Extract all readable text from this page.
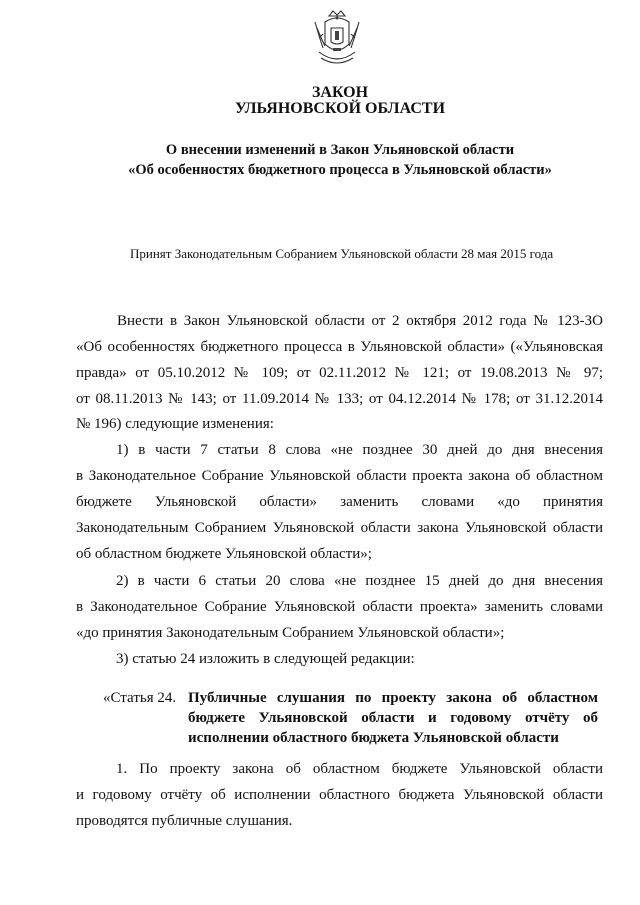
ЗАКОН
УЛЬЯНОВСКОЙ ОБЛАСТИ
О внесении изменений в Закон Ульяновской области
«Об особенностях бюджетного процесса в Ульяновской области»
Принят Законодательным Собранием Ульяновской области 28 мая 2015 года
Внести в Закон Ульяновской области от 2 октября 2012 года № 123-ЗО
«Об особенностях бюджетного процесса в Ульяновской области» («Ульяновская
правда» от 05.10.2012 № 109; от 02.11.2012 № 121; от 19.08.2013 № 97;
от 08.11.2013 № 143; от 11.09.2014 № 133; от 04.12.2014 № 178; от 31.12.2014
№ 196) следующие изменения:
1) в части 7 статьи 8 слова «не позднее 30 дней до дня внесения
в Законодательное Собрание Ульяновской области проекта закона об областном
бюджете Ульяновской области» заменить словами «до принятия
Законодательным Собранием Ульяновской области закона Ульяновской области
об областном бюджете Ульяновской области»;
2) в части 6 статьи 20 слова «не позднее 15 дней до дня внесения
в Законодательное Собрание Ульяновской области проекта» заменить словами
«до принятия Законодательным Собранием Ульяновской области»;
3) статью 24 изложить в следующей редакции:
«Статья 24. Публичные слушания по проекту закона об областном
бюджете Ульяновской области и годовому отчёту об
исполнении областного бюджета Ульяновской области
1. По проекту закона об областном бюджете Ульяновской области
и годовому отчёту об исполнении областного бюджета Ульяновской области
проводятся публичные слушания.
